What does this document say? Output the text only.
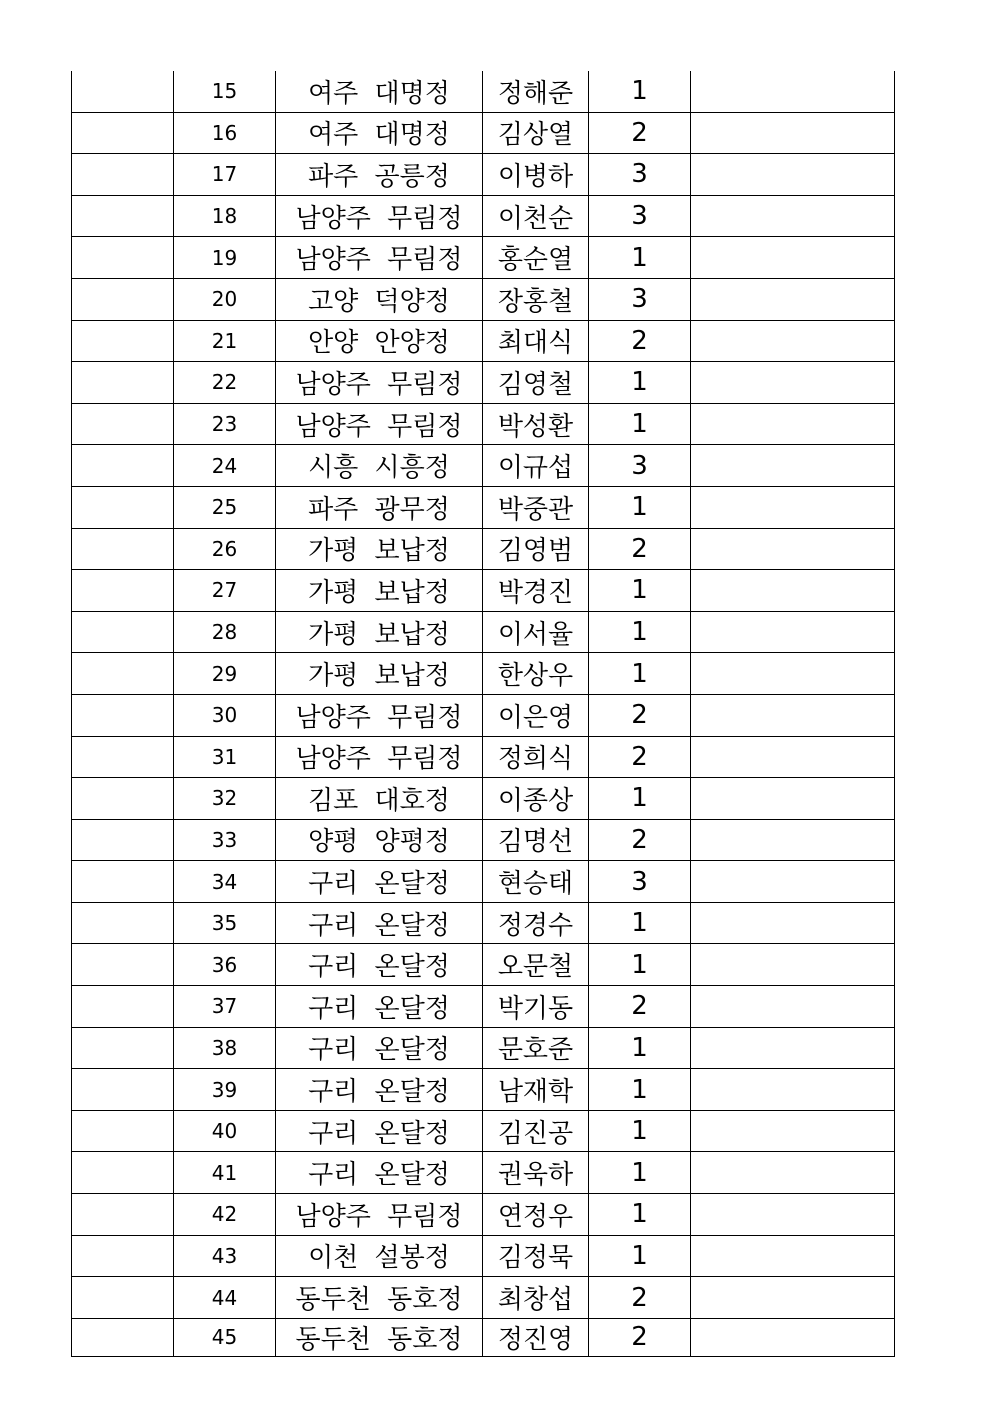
	15	여주 대명정	정해준	1	
	16	여주 대명정	김상열	2	
	17	파주 공릉정	이병하	3	
	18	남양주 무림정	이천순	3	
	19	남양주 무림정	홍순열	1	
	20	고양 덕양정	장홍철	3	
	21	안양 안양정	최대식	2	
	22	남양주 무림정	김영철	1	
	23	남양주 무림정	박성환	1	
	24	시흥 시흥정	이규섭	3	
	25	파주 광무정	박중관	1	
	26	가평 보납정	김영범	2	
	27	가평 보납정	박경진	1	
	28	가평 보납정	이서율	1	
	29	가평 보납정	한상우	1	
	30	남양주 무림정	이은영	2	
	31	남양주 무림정	정희식	2	
	32	김포 대호정	이종상	1	
	33	양평 양평정	김명선	2	
	34	구리 온달정	현승태	3	
	35	구리 온달정	정경수	1	
	36	구리 온달정	오문철	1	
	37	구리 온달정	박기동	2	
	38	구리 온달정	문호준	1	
	39	구리 온달정	남재학	1	
	40	구리 온달정	김진공	1	
	41	구리 온달정	권욱하	1	
	42	남양주 무림정	연정우	1	
	43	이천 설봉정	김정묵	1	
	44	동두천 동호정	최창섭	2	
	45	동두천 동호정	정진영	2	
